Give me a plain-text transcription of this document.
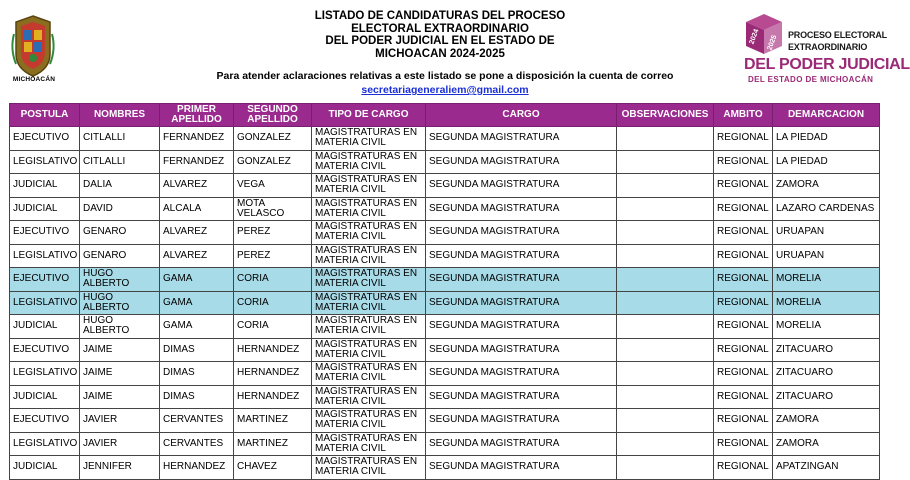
MICHOACÁN
LISTADO DE CANDIDATURAS DEL PROCESO
ELECTORAL EXTRAORDINARIO
DEL PODER JUDICIAL EN EL ESTADO DE
MICHOACAN 2024-2025
Para atender aclaraciones relativas a este listado se pone a disposición la cuenta de correo
secretariageneraliem@gmail.com
2024 2025 PROCESO ELECTORAL
EXTRAORDINARIO
DEL PODER JUDICIAL
DEL ESTADO DE MICHOACÁN
POSTULA	NOMBRES	PRIMER APELLIDO	SEGUNDO APELLIDO	TIPO DE CARGO	CARGO	OBSERVACIONES	AMBITO	DEMARCACION
EJECUTIVO	CITLALLI	FERNANDEZ	GONZALEZ	MAGISTRATURAS EN MATERIA CIVIL	SEGUNDA MAGISTRATURA		REGIONAL	LA PIEDAD
LEGISLATIVO	CITLALLI	FERNANDEZ	GONZALEZ	MAGISTRATURAS EN MATERIA CIVIL	SEGUNDA MAGISTRATURA		REGIONAL	LA PIEDAD
JUDICIAL	DALIA	ALVAREZ	VEGA	MAGISTRATURAS EN MATERIA CIVIL	SEGUNDA MAGISTRATURA		REGIONAL	ZAMORA
JUDICIAL	DAVID	ALCALA	MOTA VELASCO	MAGISTRATURAS EN MATERIA CIVIL	SEGUNDA MAGISTRATURA		REGIONAL	LAZARO CARDENAS
EJECUTIVO	GENARO	ALVAREZ	PEREZ	MAGISTRATURAS EN MATERIA CIVIL	SEGUNDA MAGISTRATURA		REGIONAL	URUAPAN
LEGISLATIVO	GENARO	ALVAREZ	PEREZ	MAGISTRATURAS EN MATERIA CIVIL	SEGUNDA MAGISTRATURA		REGIONAL	URUAPAN
EJECUTIVO	HUGO ALBERTO	GAMA	CORIA	MAGISTRATURAS EN MATERIA CIVIL	SEGUNDA MAGISTRATURA		REGIONAL	MORELIA
LEGISLATIVO	HUGO ALBERTO	GAMA	CORIA	MAGISTRATURAS EN MATERIA CIVIL	SEGUNDA MAGISTRATURA		REGIONAL	MORELIA
JUDICIAL	HUGO ALBERTO	GAMA	CORIA	MAGISTRATURAS EN MATERIA CIVIL	SEGUNDA MAGISTRATURA		REGIONAL	MORELIA
EJECUTIVO	JAIME	DIMAS	HERNANDEZ	MAGISTRATURAS EN MATERIA CIVIL	SEGUNDA MAGISTRATURA		REGIONAL	ZITACUARO
LEGISLATIVO	JAIME	DIMAS	HERNANDEZ	MAGISTRATURAS EN MATERIA CIVIL	SEGUNDA MAGISTRATURA		REGIONAL	ZITACUARO
JUDICIAL	JAIME	DIMAS	HERNANDEZ	MAGISTRATURAS EN MATERIA CIVIL	SEGUNDA MAGISTRATURA		REGIONAL	ZITACUARO
EJECUTIVO	JAVIER	CERVANTES	MARTINEZ	MAGISTRATURAS EN MATERIA CIVIL	SEGUNDA MAGISTRATURA		REGIONAL	ZAMORA
LEGISLATIVO	JAVIER	CERVANTES	MARTINEZ	MAGISTRATURAS EN MATERIA CIVIL	SEGUNDA MAGISTRATURA		REGIONAL	ZAMORA
JUDICIAL	JENNIFER	HERNANDEZ	CHAVEZ	MAGISTRATURAS EN MATERIA CIVIL	SEGUNDA MAGISTRATURA		REGIONAL	APATZINGAN
